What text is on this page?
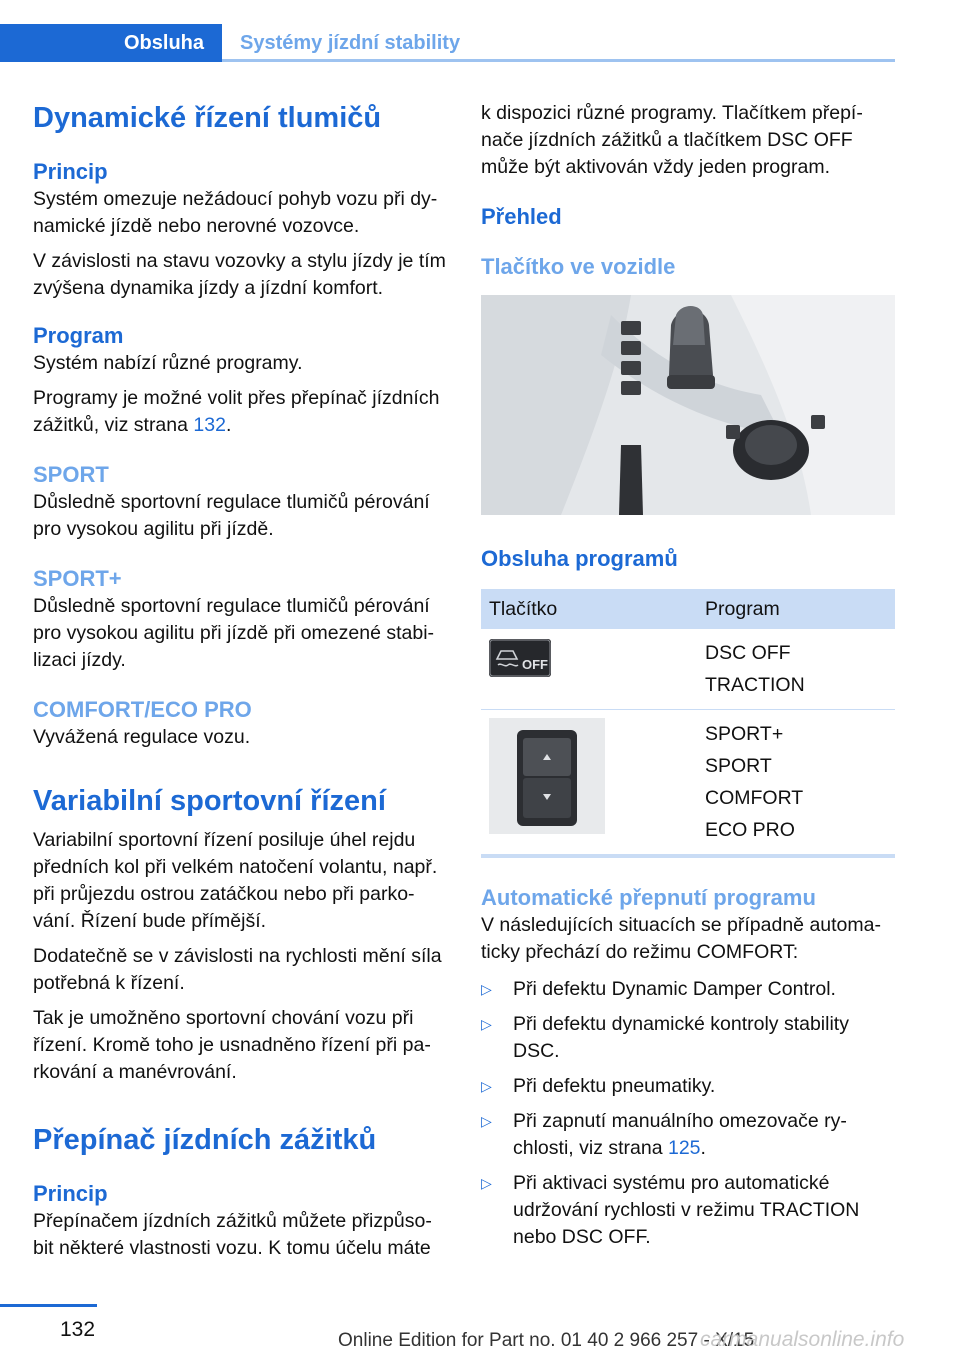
Obsluha	Systémy jízdní stability
Dynamické řízení tlumičů
Princip
Systém omezuje nežádoucí pohyb vozu při dy‐namické jízdě nebo nerovné vozovce.
V závislosti na stavu vozovky a stylu jízdy je tím zvýšena dynamika jízdy a jízdní komfort.
Program
Systém nabízí různé programy.
Programy je možné volit přes přepínač jízdních zážitků, viz strana 132.
SPORT
Důsledně sportovní regulace tlumičů pérování pro vysokou agilitu při jízdě.
SPORT+
Důsledně sportovní regulace tlumičů pérování pro vysokou agilitu při jízdě při omezené stabi‐lizaci jízdy.
COMFORT/ECO PRO
Vyvážená regulace vozu.
Variabilní sportovní řízení
Variabilní sportovní řízení posiluje úhel rejdu předních kol při velkém natočení volantu, např. při průjezdu ostrou zatáčkou nebo při parko‐vání. Řízení bude přímější.
Dodatečně se v závislosti na rychlosti mění síla potřebná k řízení.
Tak je umožněno sportovní chování vozu při řízení. Kromě toho je usnadněno řízení při pa‐rkování a manévrování.
Přepínač jízdních zážitků
Princip
Přepínačem jízdních zážitků můžete přizpůso‐bit některé vlastnosti vozu. K tomu účelu máte
k dispozici různé programy. Tlačítkem přepí‐nače jízdních zážitků a tlačítkem DSC OFF může být aktivován vždy jeden program.
Přehled
Tlačítko ve vozidle
Obsluha programů
Tlačítko	Program

OFF	DSC OFF
TRACTION

SPORT+
SPORT
COMFORT
ECO PRO
Automatické přepnutí programu
V následujících situacích se případně automa‐ticky přechází do režimu COMFORT:
▷ Při defektu Dynamic Damper Control.
▷ Při defektu dynamické kontroly stability DSC.
▷ Při defektu pneumatiky.
▷ Při zapnutí manuálního omezovače ry‐chlosti, viz strana 125.
▷ Při aktivaci systému pro automatické udržování rychlosti v režimu TRACTION nebo DSC OFF.
132	Online Edition for Part no. 01 40 2 966 257 - X/15
carmanualsonline.info
